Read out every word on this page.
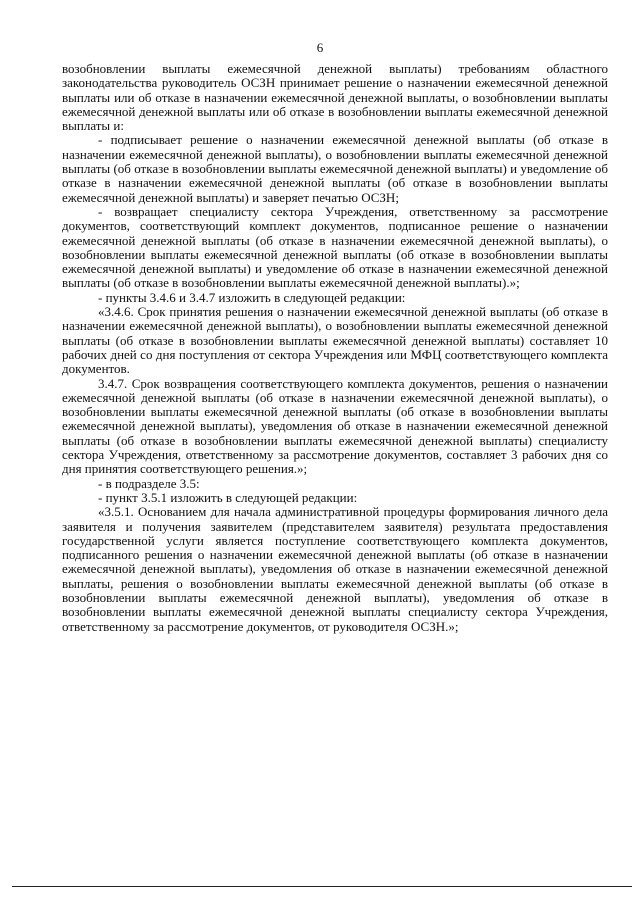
6

возобновлении выплаты ежемесячной денежной выплаты) требованиям областного законодательства руководитель ОСЗН принимает решение о назначении ежемесячной денежной выплаты или об отказе в назначении ежемесячной денежной выплаты, о возобновлении выплаты ежемесячной денежной выплаты или об отказе в возобновлении выплаты ежемесячной денежной выплаты и:

- подписывает решение о назначении ежемесячной денежной выплаты (об отказе в назначении ежемесячной денежной выплаты), о возобновлении выплаты ежемесячной денежной выплаты (об отказе в возобновлении выплаты ежемесячной денежной выплаты) и уведомление об отказе в назначении ежемесячной денежной выплаты (об отказе в возобновлении выплаты ежемесячной денежной выплаты) и заверяет печатью ОСЗН;

- возвращает специалисту сектора Учреждения, ответственному за рассмотрение документов, соответствующий комплект документов, подписанное решение о назначении ежемесячной денежной выплаты (об отказе в назначении ежемесячной денежной выплаты), о возобновлении выплаты ежемесячной денежной выплаты (об отказе в возобновлении выплаты ежемесячной денежной выплаты) и уведомление об отказе в назначении ежемесячной денежной выплаты (об отказе в возобновлении выплаты ежемесячной денежной выплаты).»;

- пункты 3.4.6 и 3.4.7 изложить в следующей редакции:

«3.4.6. Срок принятия решения о назначении ежемесячной денежной выплаты (об отказе в назначении ежемесячной денежной выплаты), о возобновлении выплаты ежемесячной денежной выплаты (об отказе в возобновлении выплаты ежемесячной денежной выплаты) составляет 10 рабочих дней со дня поступления от сектора Учреждения или МФЦ соответствующего комплекта документов.

3.4.7. Срок возвращения соответствующего комплекта документов, решения о назначении ежемесячной денежной выплаты (об отказе в назначении ежемесячной денежной выплаты), о возобновлении выплаты ежемесячной денежной выплаты (об отказе в возобновлении выплаты ежемесячной денежной выплаты), уведомления об отказе в назначении ежемесячной денежной выплаты (об отказе в возобновлении выплаты ежемесячной денежной выплаты) специалисту сектора Учреждения, ответственному за рассмотрение документов, составляет 3 рабочих дня со дня принятия соответствующего решения.»;

- в подразделе 3.5:

- пункт 3.5.1 изложить в следующей редакции:

«3.5.1. Основанием для начала административной процедуры формирования личного дела заявителя и получения заявителем (представителем заявителя) результата предоставления государственной услуги является поступление соответствующего комплекта документов, подписанного решения о назначении ежемесячной денежной выплаты (об отказе в назначении ежемесячной денежной выплаты), уведомления об отказе в назначении ежемесячной денежной выплаты, решения о возобновлении выплаты ежемесячной денежной выплаты (об отказе в возобновлении выплаты ежемесячной денежной выплаты), уведомления об отказе в возобновлении выплаты ежемесячной денежной выплаты специалисту сектора Учреждения, ответственному за рассмотрение документов, от руководителя ОСЗН.»;
